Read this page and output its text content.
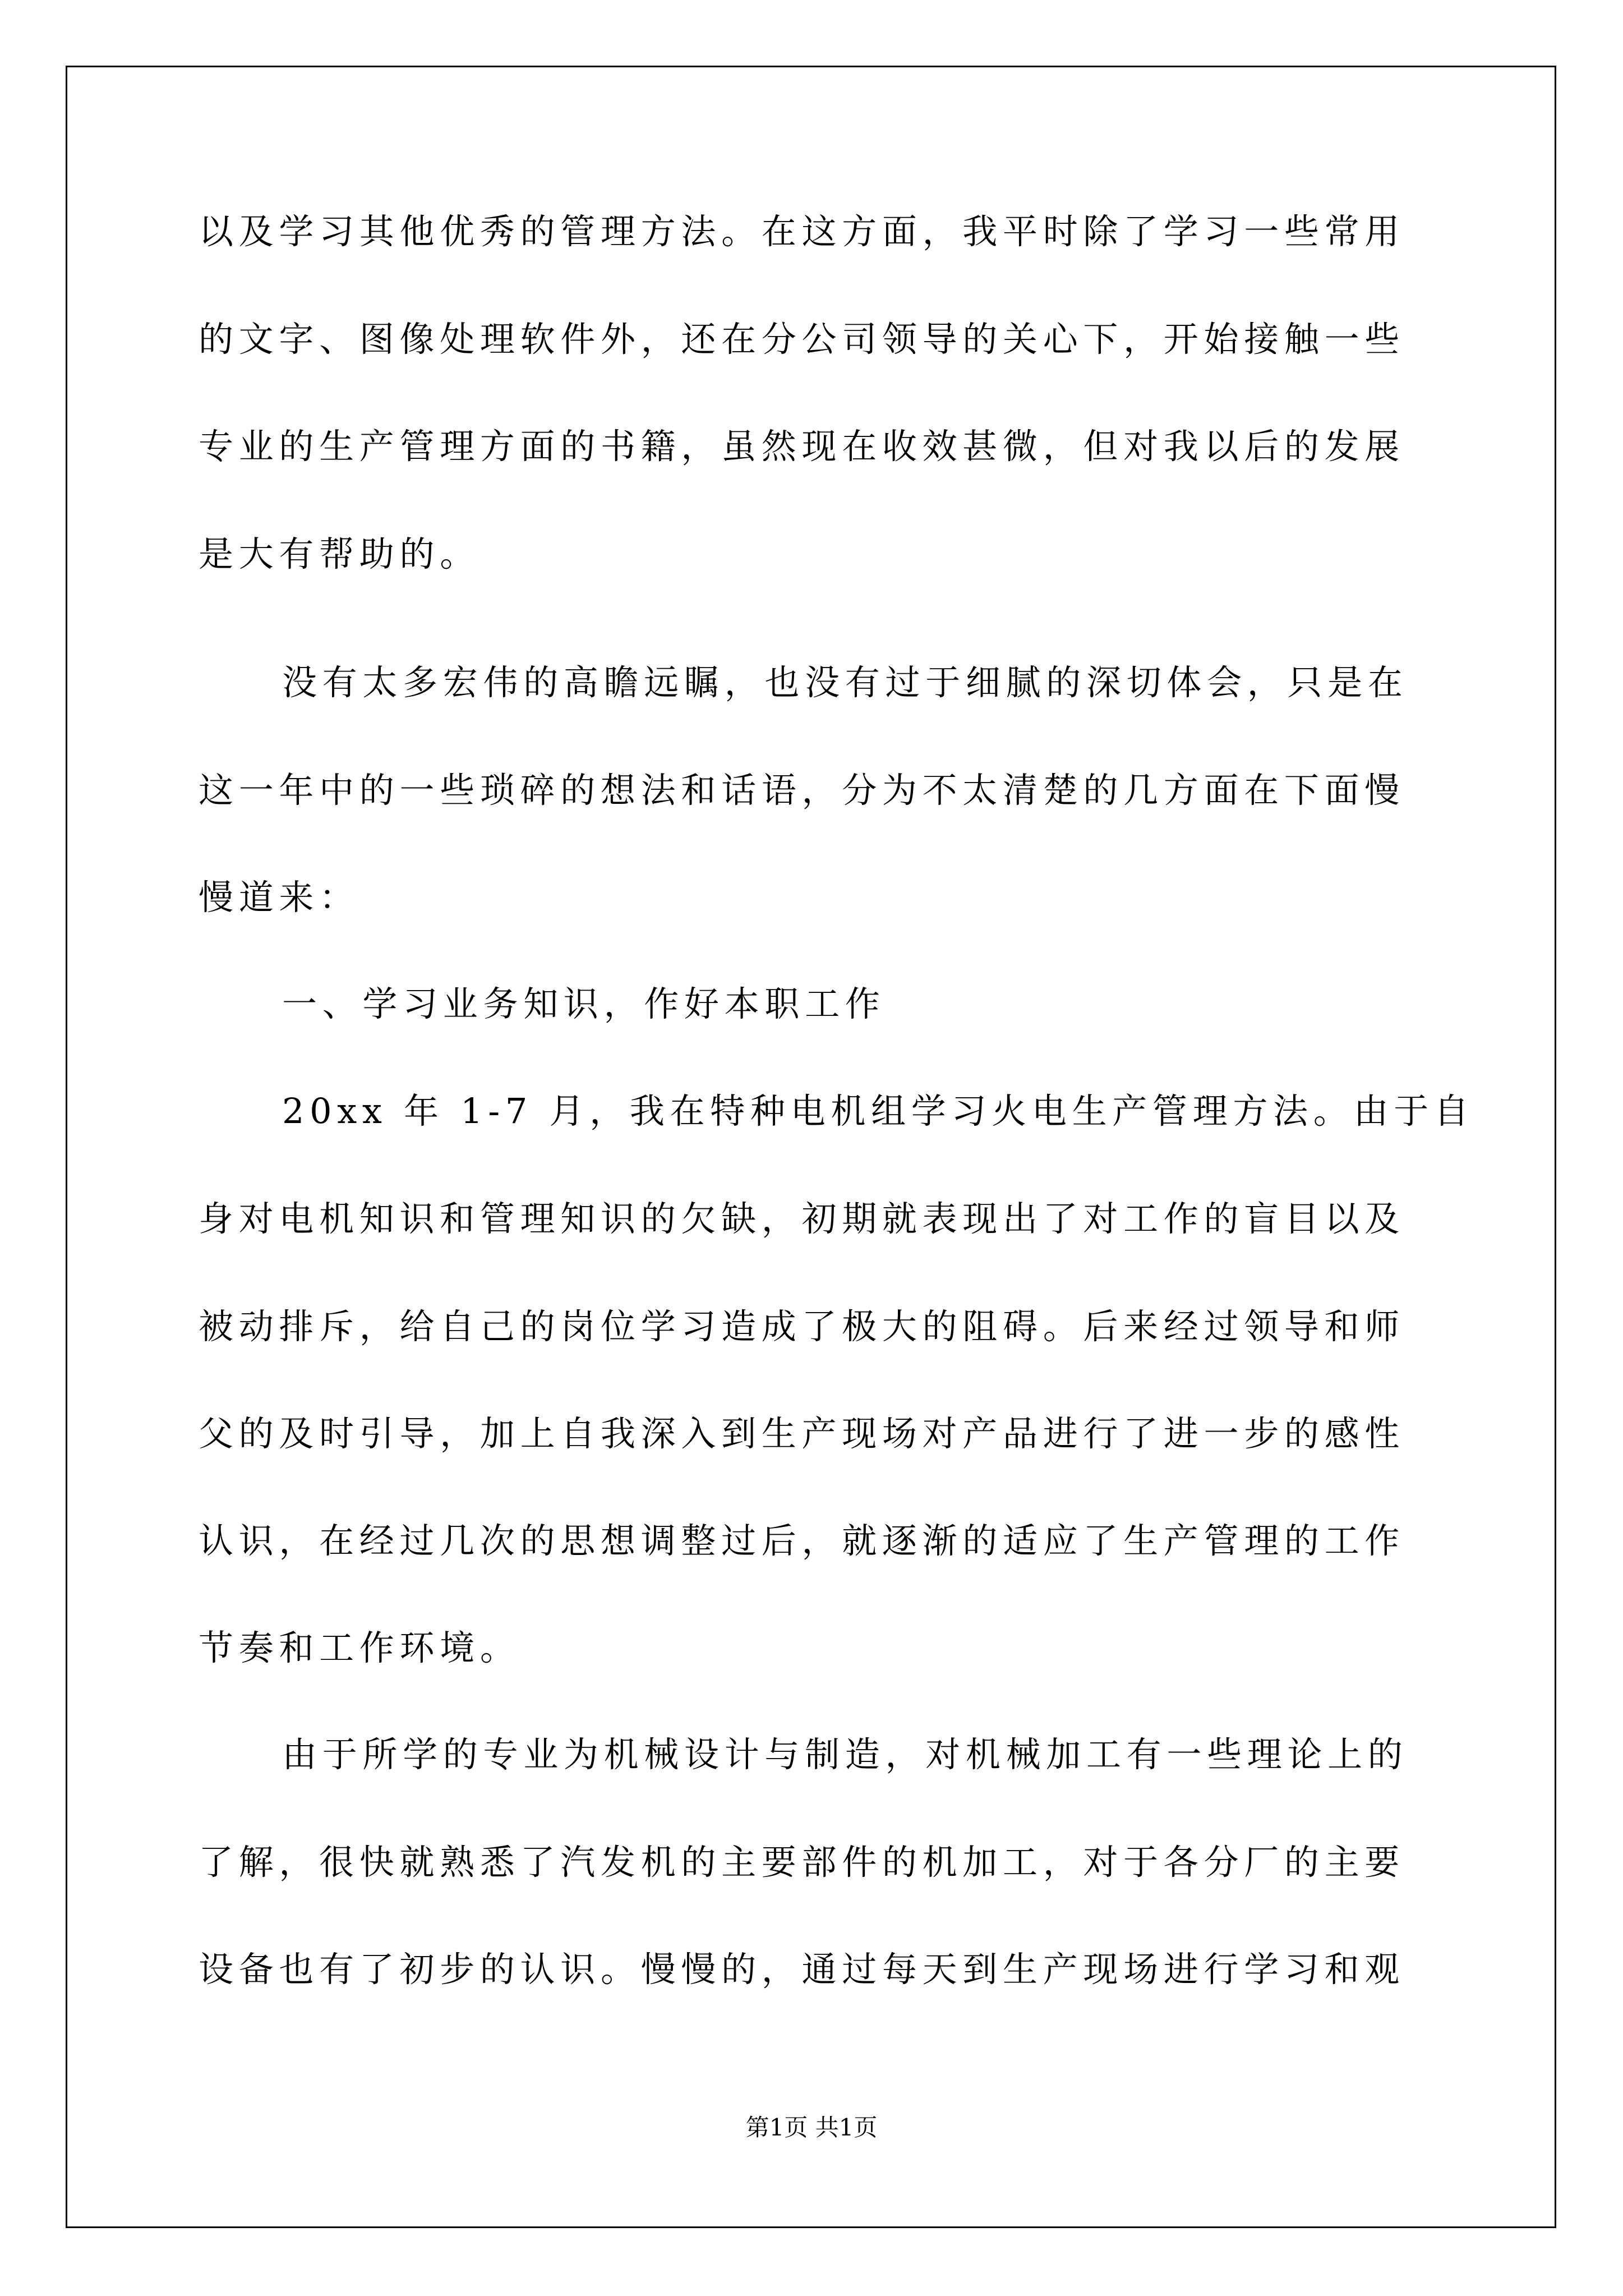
以及学习其他优秀的管理方法。在这方面，我平时除了学习一些常用
的文字、图像处理软件外，还在分公司领导的关心下，开始接触一些
专业的生产管理方面的书籍，虽然现在收效甚微，但对我以后的发展
是大有帮助的。
没有太多宏伟的高瞻远瞩，也没有过于细腻的深切体会，只是在
这一年中的一些琐碎的想法和话语，分为不太清楚的几方面在下面慢
慢道来：
一、学习业务知识，作好本职工作
20xx 年 1-7 月，我在特种电机组学习火电生产管理方法。由于自
身对电机知识和管理知识的欠缺，初期就表现出了对工作的盲目以及
被动排斥，给自己的岗位学习造成了极大的阻碍。后来经过领导和师
父的及时引导，加上自我深入到生产现场对产品进行了进一步的感性
认识，在经过几次的思想调整过后，就逐渐的适应了生产管理的工作
节奏和工作环境。
由于所学的专业为机械设计与制造，对机械加工有一些理论上的
了解，很快就熟悉了汽发机的主要部件的机加工，对于各分厂的主要
设备也有了初步的认识。慢慢的，通过每天到生产现场进行学习和观
第1页 共1页
